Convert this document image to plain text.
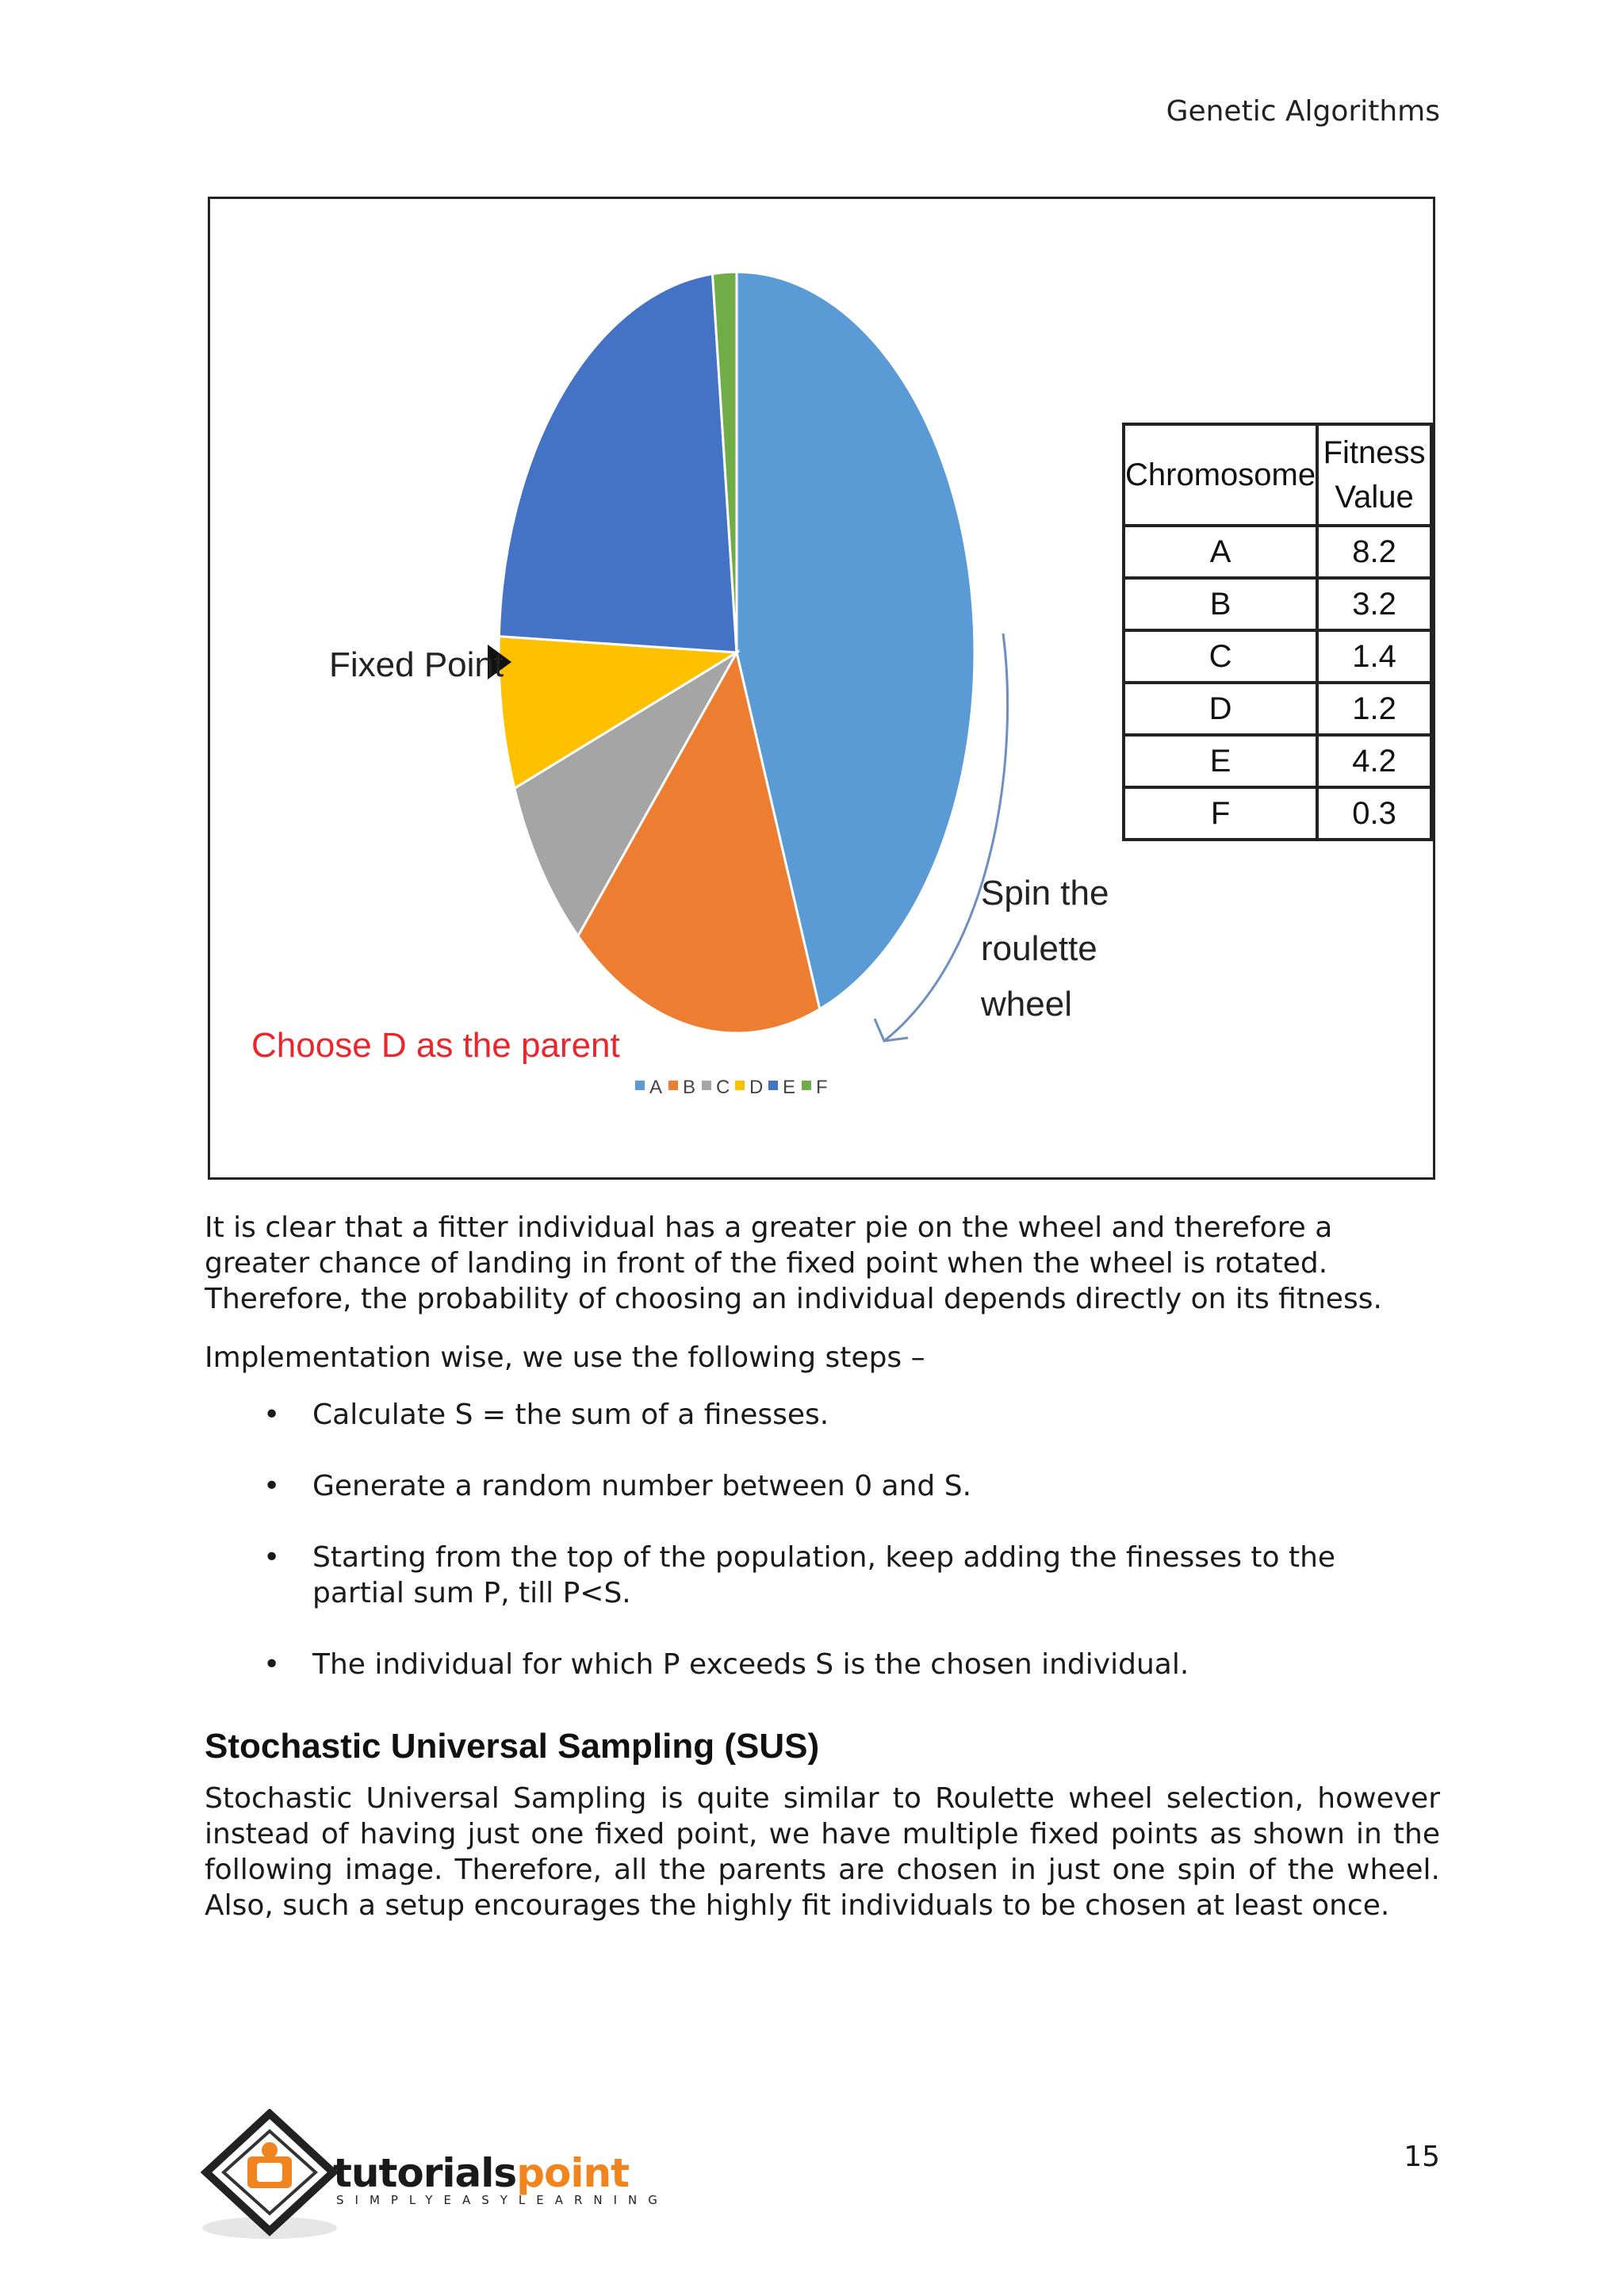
Genetic Algorithms
Fixed Point
Spin the
roulette
wheel
Choose D as the parent
A B C D E F
Chromosome	Fitness Value
A	8.2
B	3.2
C	1.4
D	1.2
E	4.2
F	0.3
It is clear that a fitter individual has a greater pie on the wheel and therefore a greater chance of landing in front of the fixed point when the wheel is rotated. Therefore, the probability of choosing an individual depends directly on its fitness.
Implementation wise, we use the following steps –
• Calculate S = the sum of a finesses.
• Generate a random number between 0 and S.
• Starting from the top of the population, keep adding the finesses to the partial sum P, till P<S.
• The individual for which P exceeds S is the chosen individual.
Stochastic Universal Sampling (SUS)
Stochastic Universal Sampling is quite similar to Roulette wheel selection, however instead of having just one fixed point, we have multiple fixed points as shown in the following image. Therefore, all the parents are chosen in just one spin of the wheel. Also, such a setup encourages the highly fit individuals to be chosen at least once.
tutorialspoint
SIMPLYEASYLEARNING
15
